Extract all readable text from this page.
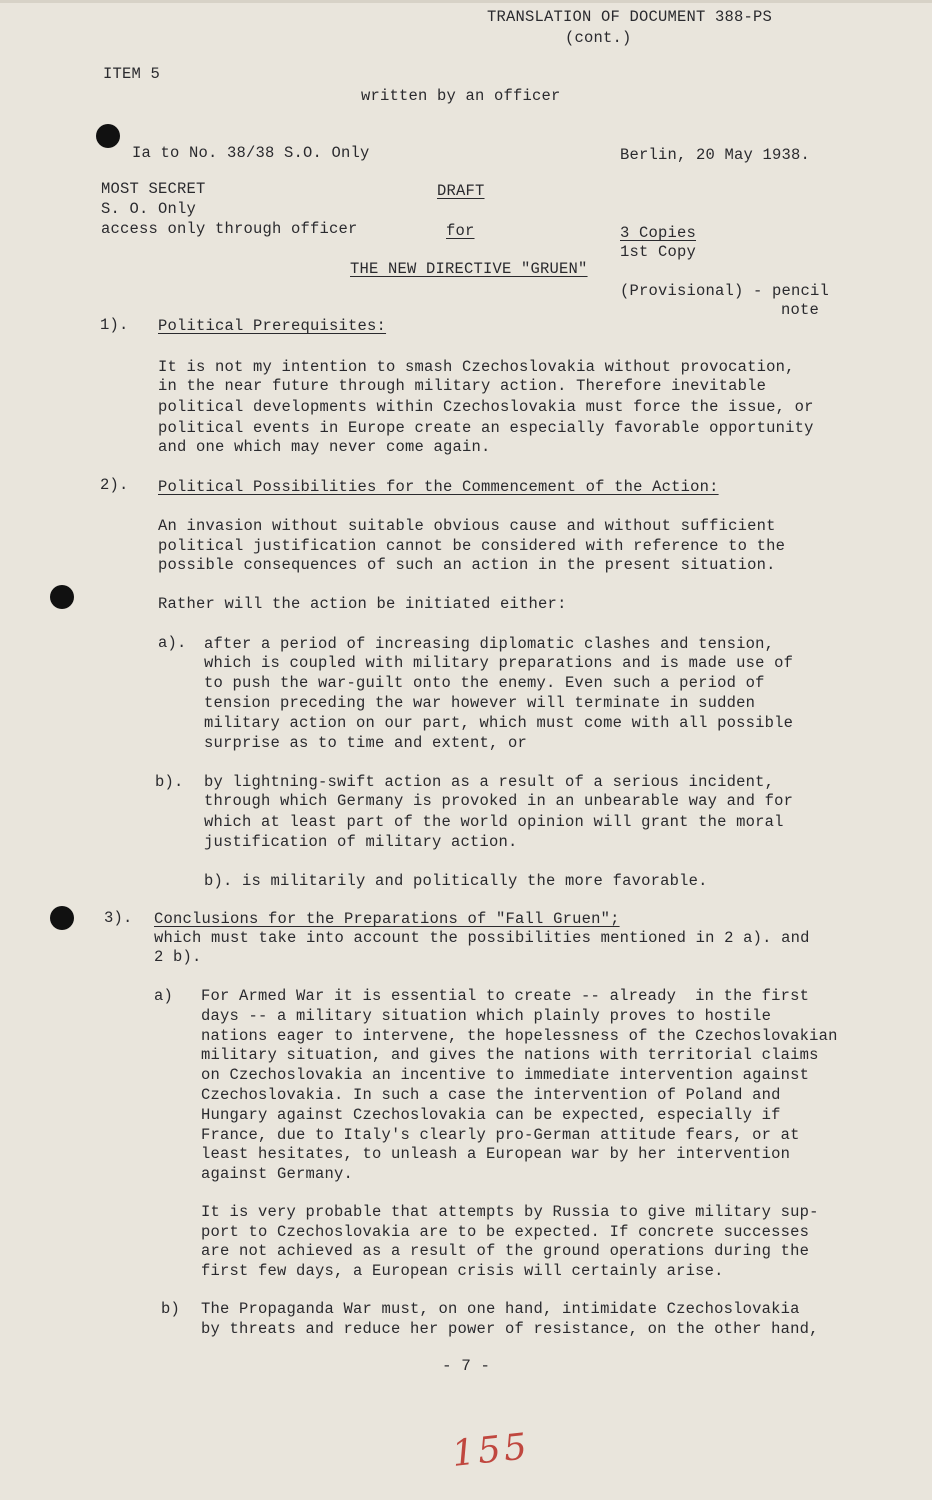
TRANSLATION OF DOCUMENT 388-PS
(cont.)
ITEM 5
written by an officer
Ia to No. 38/38 S.O. Only	Berlin, 20 May 1938.
MOST SECRET
S. O. Only
access only through officer
DRAFT
for	3 Copies
1st Copy
THE NEW DIRECTIVE "GRUEN"
(Provisional) - pencil
note
1). Political Prerequisites:
It is not my intention to smash Czechoslovakia without provocation,
in the near future through military action. Therefore inevitable
political developments within Czechoslovakia must force the issue, or
political events in Europe create an especially favorable opportunity
and one which may never come again.
2). Political Possibilities for the Commencement of the Action:
An invasion without suitable obvious cause and without sufficient
political justification cannot be considered with reference to the
possible consequences of such an action in the present situation.
Rather will the action be initiated either:
a). after a period of increasing diplomatic clashes and tension,
which is coupled with military preparations and is made use of
to push the war-guilt onto the enemy. Even such a period of
tension preceding the war however will terminate in sudden
military action on our part, which must come with all possible
surprise as to time and extent, or
b). by lightning-swift action as a result of a serious incident,
through which Germany is provoked in an unbearable way and for
which at least part of the world opinion will grant the moral
justification of military action.
b). is militarily and politically the more favorable.
3). Conclusions for the Preparations of "Fall Gruen";
which must take into account the possibilities mentioned in 2 a). and
2 b).
a) For Armed War it is essential to create -- already  in the first
days -- a military situation which plainly proves to hostile
nations eager to intervene, the hopelessness of the Czechoslovakian
military situation, and gives the nations with territorial claims
on Czechoslovakia an incentive to immediate intervention against
Czechoslovakia. In such a case the intervention of Poland and
Hungary against Czechoslovakia can be expected, especially if
France, due to Italy's clearly pro-German attitude fears, or at
least hesitates, to unleash a European war by her intervention
against Germany.
It is very probable that attempts by Russia to give military sup-
port to Czechoslovakia are to be expected. If concrete successes
are not achieved as a result of the ground operations during the
first few days, a European crisis will certainly arise.
b) The Propaganda War must, on one hand, intimidate Czechoslovakia
by threats and reduce her power of resistance, on the other hand,
- 7 -
155
